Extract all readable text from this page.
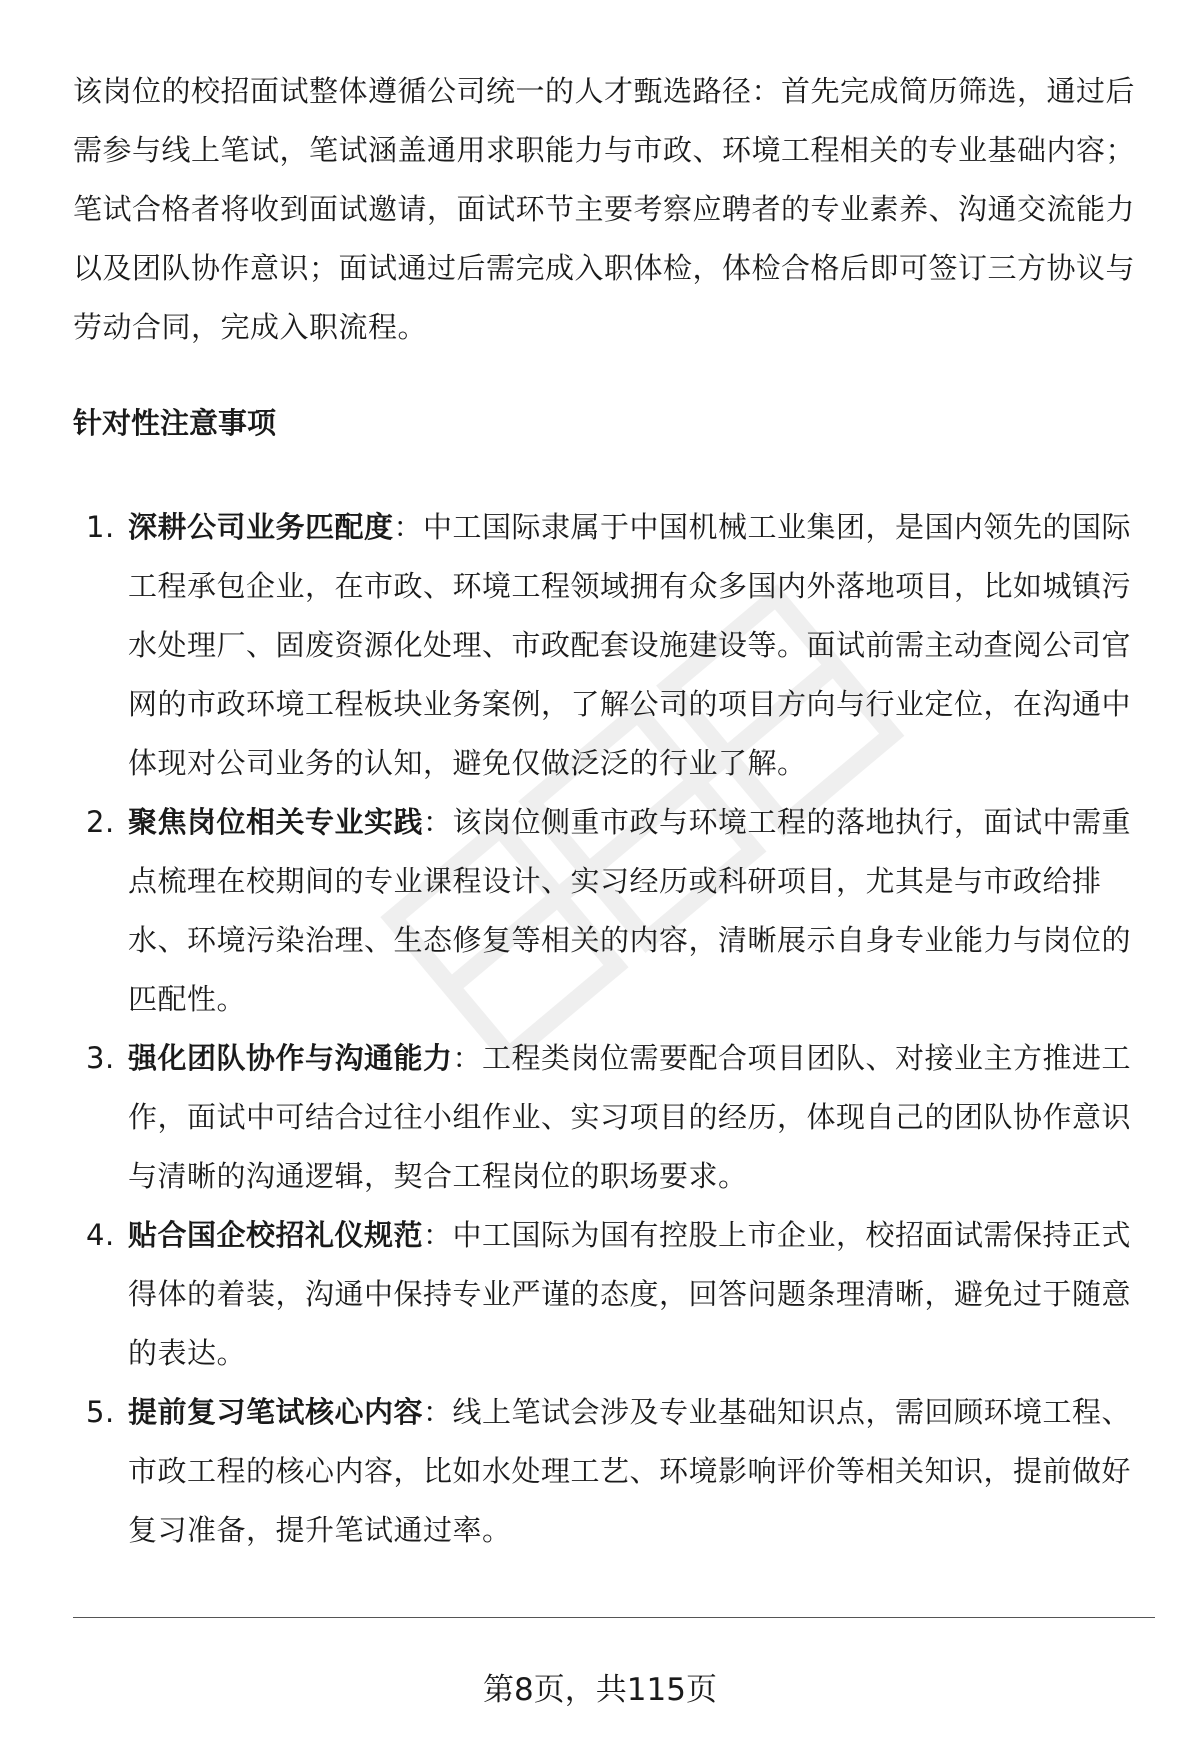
该岗位的校招面试整体遵循公司统一的人才甄选路径：首先完成简历筛选，通过后需参与线上笔试，笔试涵盖通用求职能力与市政、环境工程相关的专业基础内容；笔试合格者将收到面试邀请，面试环节主要考察应聘者的专业素养、沟通交流能力以及团队协作意识；面试通过后需完成入职体检，体检合格后即可签订三方协议与劳动合同，完成入职流程。

针对性注意事项
1. 深耕公司业务匹配度：中工国际隶属于中国机械工业集团，是国内领先的国际工程承包企业，在市政、环境工程领域拥有众多国内外落地项目，比如城镇污水处理厂、固废资源化处理、市政配套设施建设等。面试前需主动查阅公司官网的市政环境工程板块业务案例，了解公司的项目方向与行业定位，在沟通中体现对公司业务的认知，避免仅做泛泛的行业了解。
2. 聚焦岗位相关专业实践：该岗位侧重市政与环境工程的落地执行，面试中需重点梳理在校期间的专业课程设计、实习经历或科研项目，尤其是与市政给排水、环境污染治理、生态修复等相关的内容，清晰展示自身专业能力与岗位的匹配性。
3. 强化团队协作与沟通能力：工程类岗位需要配合项目团队、对接业主方推进工作，面试中可结合过往小组作业、实习项目的经历，体现自己的团队协作意识与清晰的沟通逻辑，契合工程岗位的职场要求。
4. 贴合国企校招礼仪规范：中工国际为国有控股上市企业，校招面试需保持正式得体的着装，沟通中保持专业严谨的态度，回答问题条理清晰，避免过于随意的表达。
5. 提前复习笔试核心内容：线上笔试会涉及专业基础知识点，需回顾环境工程、市政工程的核心内容，比如水处理工艺、环境影响评价等相关知识，提前做好复习准备，提升笔试通过率。
第8页，共115页
